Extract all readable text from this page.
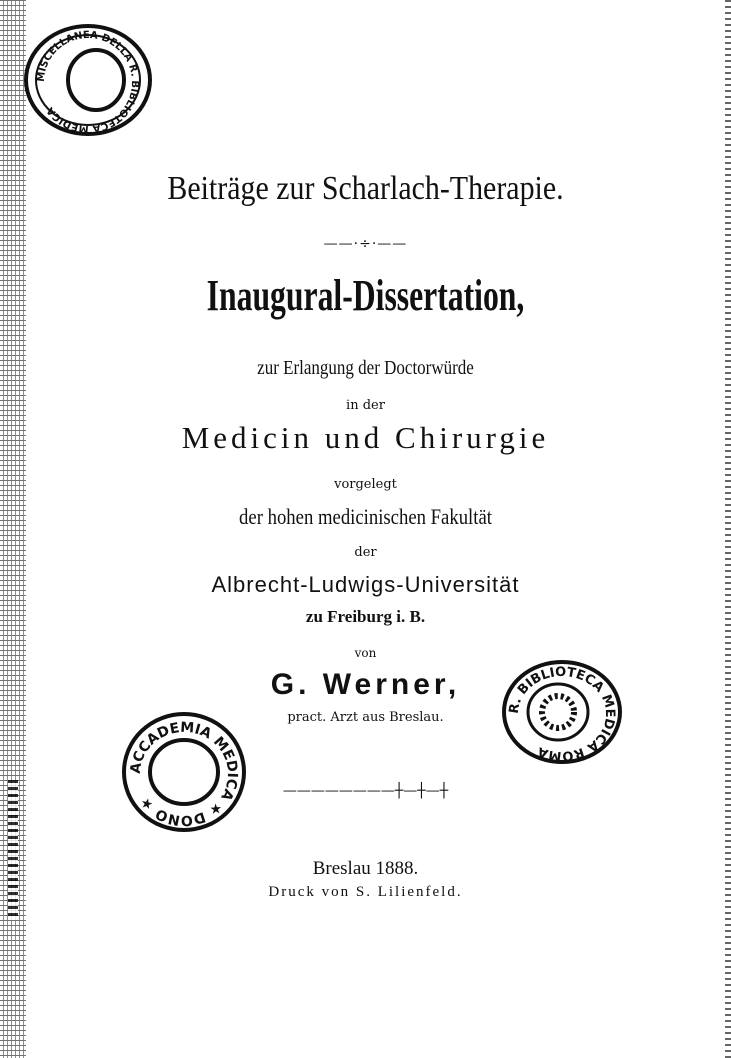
MISCELLANEA DELLA R. BIBLIOTECA MEDICA
Beiträge zur Scharlach-Therapie.
——·÷·——
Inaugural-Dissertation,
zur Erlangung der Doctorwürde
in der
Medicin und Chirurgie
vorgelegt
der hohen medicinischen Fakultät
der
Albrecht-Ludwigs-Universität
zu Freiburg i. B.
von
G. Werner,
pract. Arzt aus Breslau.
————————┼—┼—┼
Breslau 1888.
Druck von S. Lilienfeld.
ACCADEMIA MEDICA ★ DONO ★
R. BIBLIOTECA MEDICA ROMA
